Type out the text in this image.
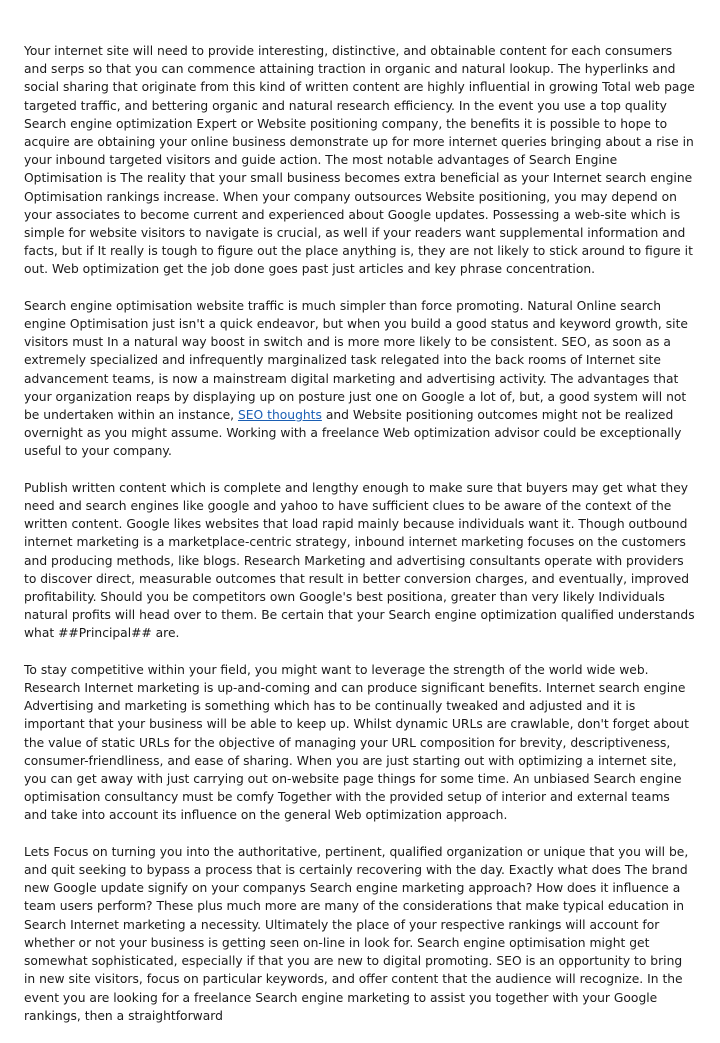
Your internet site will need to provide interesting, distinctive, and obtainable content for each consumers and serps so that you can commence attaining traction in organic and natural lookup. The hyperlinks and social sharing that originate from this kind of written content are highly influential in growing Total web page targeted traffic, and bettering organic and natural research efficiency. In the event you use a top quality Search engine optimization Expert or Website positioning company, the benefits it is possible to hope to acquire are obtaining your online business demonstrate up for more internet queries bringing about a rise in your inbound targeted visitors and guide action. The most notable advantages of Search Engine Optimisation is The reality that your small business becomes extra beneficial as your Internet search engine Optimisation rankings increase. When your company outsources Website positioning, you may depend on your associates to become current and experienced about Google updates. Possessing a web-site which is simple for website visitors to navigate is crucial, as well if your readers want supplemental information and facts, but if It really is tough to figure out the place anything is, they are not likely to stick around to figure it out. Web optimization get the job done goes past just articles and key phrase concentration.

Search engine optimisation website traffic is much simpler than force promoting. Natural Online search engine Optimisation just isn't a quick endeavor, but when you build a good status and keyword growth, site visitors must In a natural way boost in switch and is more more likely to be consistent. SEO, as soon as a extremely specialized and infrequently marginalized task relegated into the back rooms of Internet site advancement teams, is now a mainstream digital marketing and advertising activity. The advantages that your organization reaps by displaying up on posture just one on Google a lot of, but, a good system will not be undertaken within an instance, SEO thoughts and Website positioning outcomes might not be realized overnight as you might assume. Working with a freelance Web optimization advisor could be exceptionally useful to your company.

Publish written content which is complete and lengthy enough to make sure that buyers may get what they need and search engines like google and yahoo to have sufficient clues to be aware of the context of the written content. Google likes websites that load rapid mainly because individuals want it. Though outbound internet marketing is a marketplace-centric strategy, inbound internet marketing focuses on the customers and producing methods, like blogs. Research Marketing and advertising consultants operate with providers to discover direct, measurable outcomes that result in better conversion charges, and eventually, improved profitability. Should you be competitors own Google's best positiona, greater than very likely Individuals natural profits will head over to them. Be certain that your Search engine optimization qualified understands what ##Principal## are.

To stay competitive within your field, you might want to leverage the strength of the world wide web. Research Internet marketing is up-and-coming and can produce significant benefits. Internet search engine Advertising and marketing is something which has to be continually tweaked and adjusted and it is important that your business will be able to keep up. Whilst dynamic URLs are crawlable, don't forget about the value of static URLs for the objective of managing your URL composition for brevity, descriptiveness, consumer-friendliness, and ease of sharing. When you are just starting out with optimizing a internet site, you can get away with just carrying out on-website page things for some time. An unbiased Search engine optimisation consultancy must be comfy Together with the provided setup of interior and external teams and take into account its influence on the general Web optimization approach.

Lets Focus on turning you into the authoritative, pertinent, qualified organization or unique that you will be, and quit seeking to bypass a process that is certainly recovering with the day. Exactly what does The brand new Google update signify on your companys Search engine marketing approach? How does it influence a team users perform? These plus much more are many of the considerations that make typical education in Search Internet marketing a necessity. Ultimately the place of your respective rankings will account for whether or not your business is getting seen on-line in look for. Search engine optimisation might get somewhat sophisticated, especially if that you are new to digital promoting. SEO is an opportunity to bring in new site visitors, focus on particular keywords, and offer content that the audience will recognize. In the event you are looking for a freelance Search engine marketing to assist you together with your Google rankings, then a straightforward
